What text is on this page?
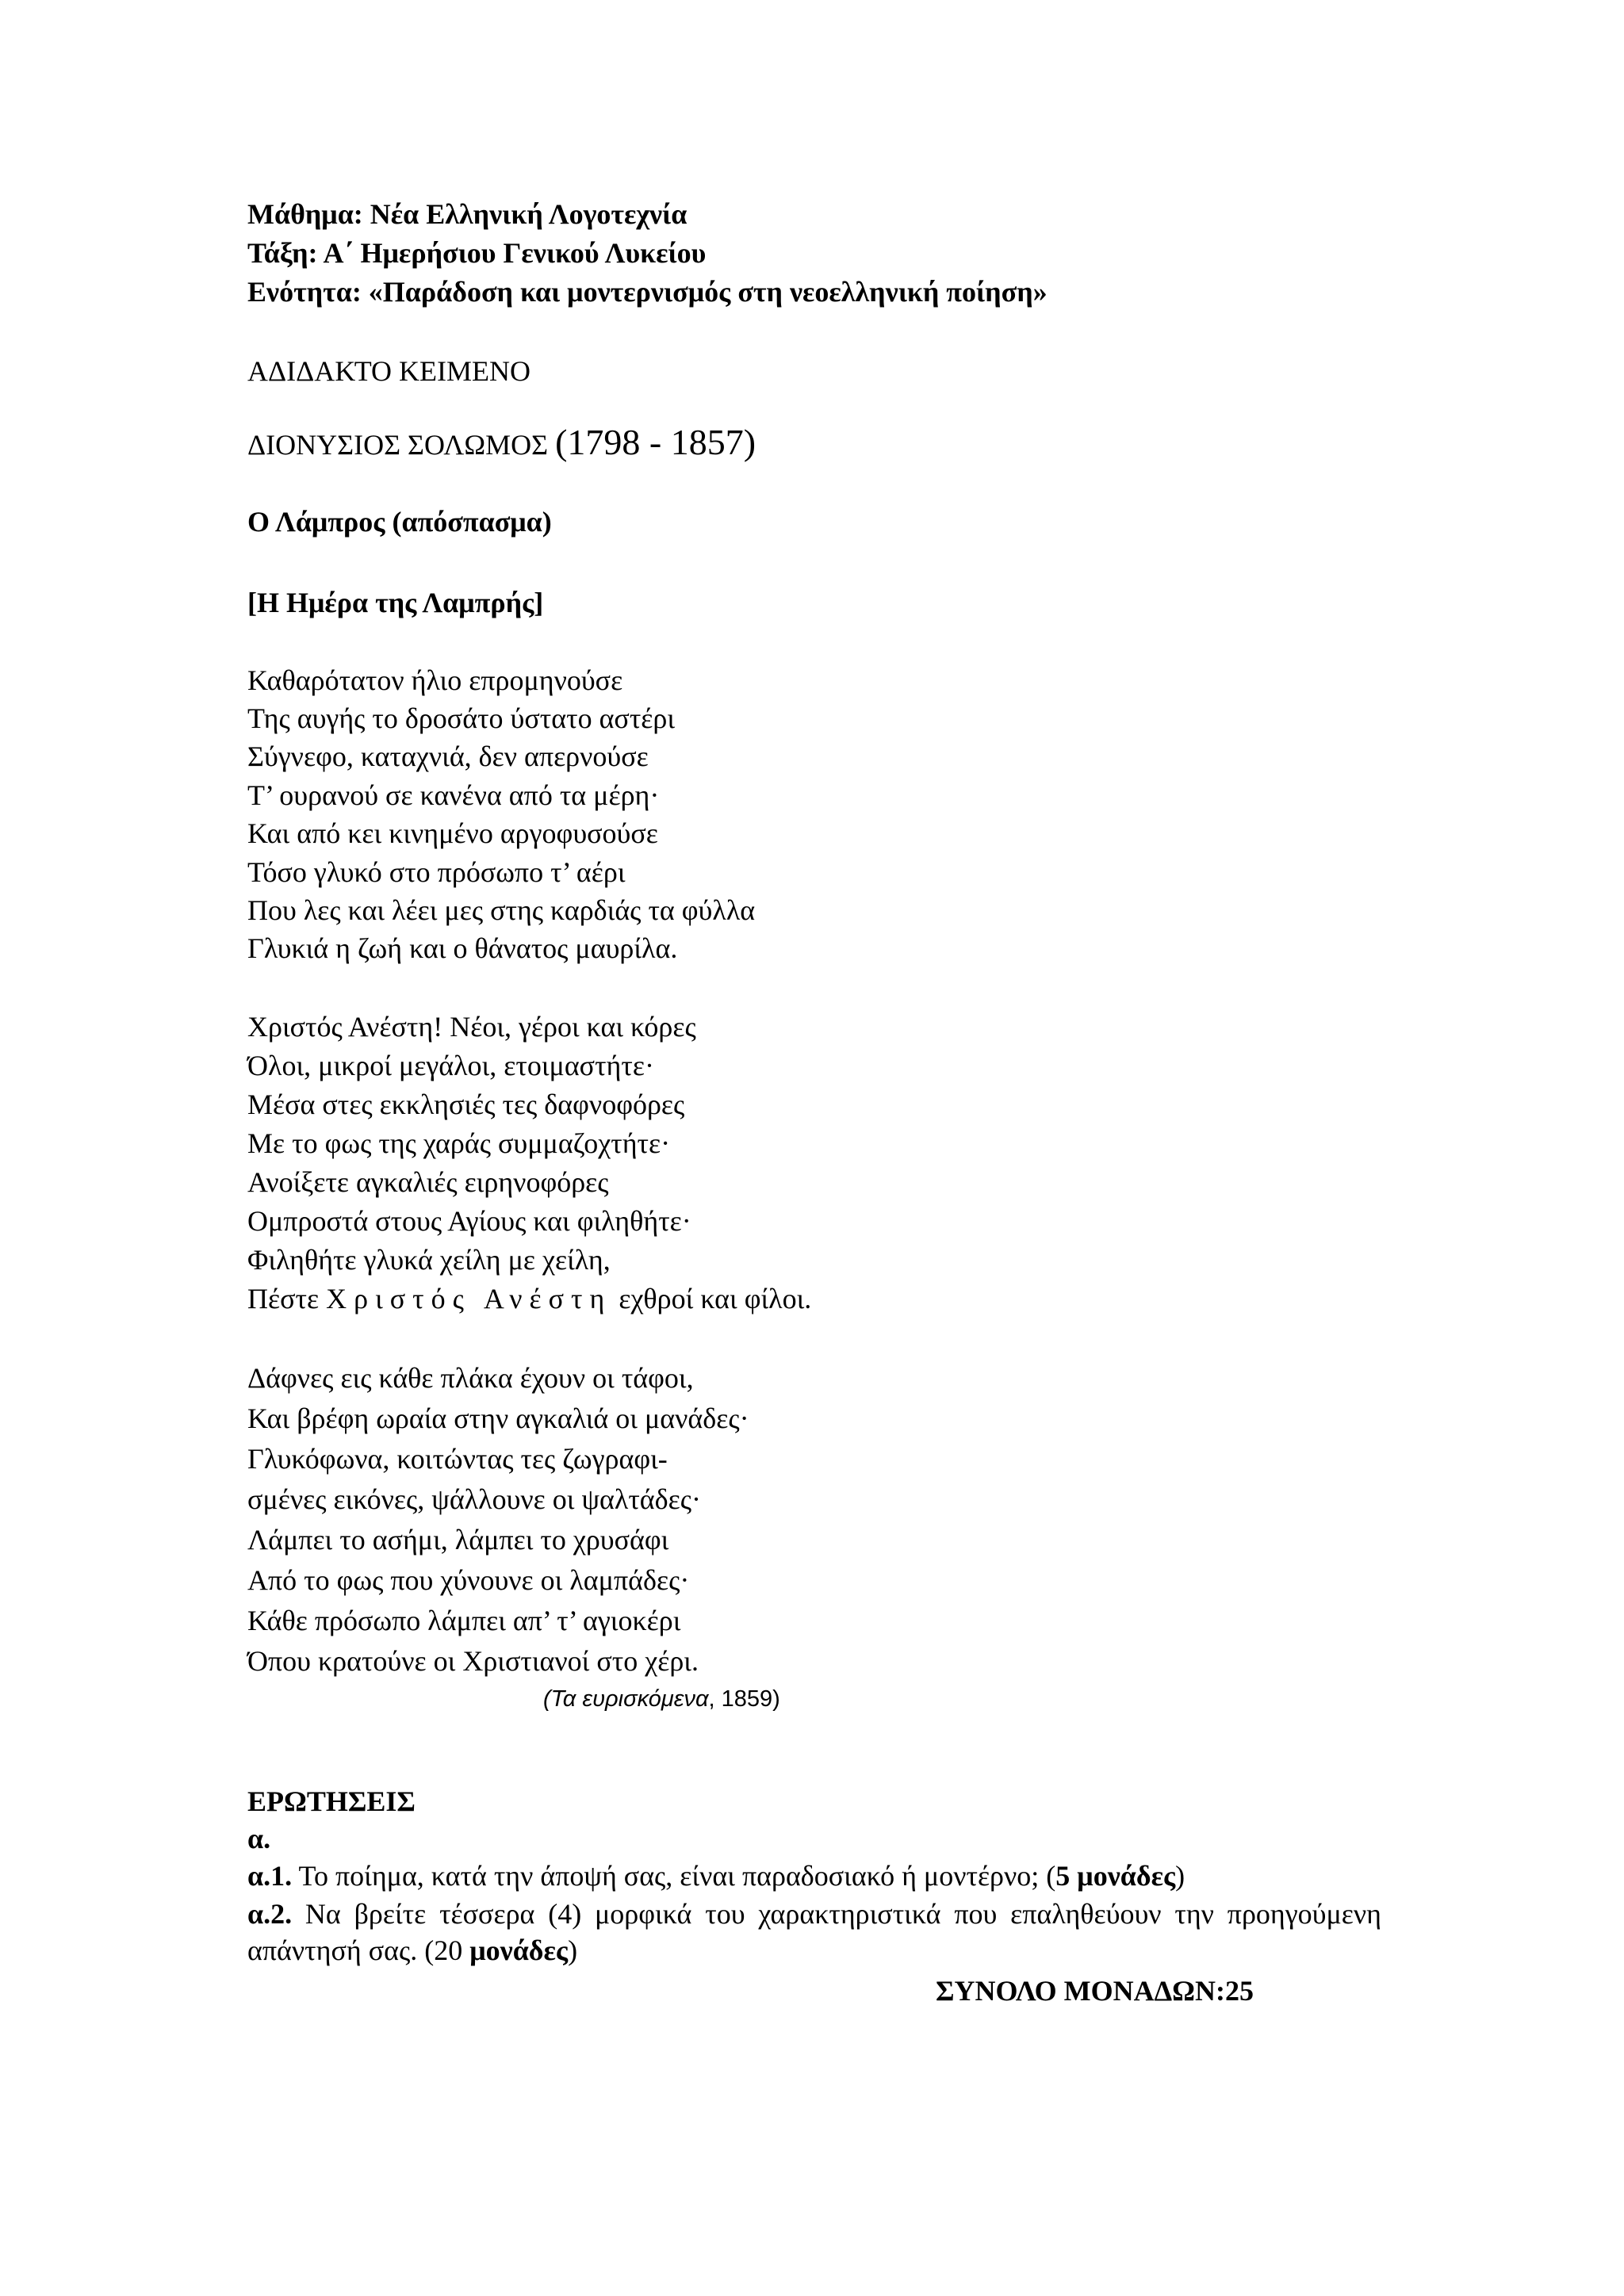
Μάθημα: Νέα Ελληνική Λογοτεχνία
Τάξη: Α΄ Ημερήσιου Γενικού Λυκείου
Ενότητα: «Παράδοση και μοντερνισμός στη νεοελληνική ποίηση»
ΑΔΙΔΑΚΤΟ ΚΕΙΜΕΝΟ
ΔΙΟΝΥΣΙΟΣ ΣΟΛΩΜΟΣ (1798 - 1857)
Ο Λάμπρος (απόσπασμα)
[Η Ημέρα της Λαμπρής]
Καθαρότατον ήλιο επρομηνούσε
Της αυγής το δροσάτο ύστατο αστέρι
Σύγνεφο, καταχνιά, δεν απερνούσε
Τ’ ουρανού σε κανένα από τα μέρη·
Και από κει κινημένο αργοφυσούσε
Τόσο γλυκό στο πρόσωπο τ’ αέρι
Που λες και λέει μες στης καρδιάς τα φύλλα
Γλυκιά η ζωή και ο θάνατος μαυρίλα.
Χριστός Ανέστη! Νέοι, γέροι και κόρες
Όλοι, μικροί μεγάλοι, ετοιμαστήτε·
Μέσα στες εκκλησιές τες δαφνοφόρες
Με το φως της χαράς συμμαζοχτήτε·
Ανοίξετε αγκαλιές ειρηνοφόρες
Ομπροστά στους Αγίους και φιληθήτε·
Φιληθήτε γλυκά χείλη με χείλη,
Πέστε Χριστός Ανέστη εχθροί και φίλοι.
Δάφνες εις κάθε πλάκα έχουν οι τάφοι,
Και βρέφη ωραία στην αγκαλιά οι μανάδες·
Γλυκόφωνα, κοιτώντας τες ζωγραφι-
σμένες εικόνες, ψάλλουνε οι ψαλτάδες·
Λάμπει το ασήμι, λάμπει το χρυσάφι
Από το φως που χύνουνε οι λαμπάδες·
Κάθε πρόσωπο λάμπει απ’ τ’ αγιοκέρι
Όπου κρατούνε οι Χριστιανοί στο χέρι.
(Τα ευρισκόμενα, 1859)
ΕΡΩΤΗΣΕΙΣ
α.
α.1. Το ποίημα, κατά την άποψή σας, είναι παραδοσιακό ή μοντέρνο; (5 μονάδες)
α.2. Να βρείτε τέσσερα (4) μορφικά του χαρακτηριστικά που επαληθεύουν την προηγούμενη απάντησή σας. (20 μονάδες)
ΣΥΝΟΛΟ ΜΟΝΑΔΩΝ:25
